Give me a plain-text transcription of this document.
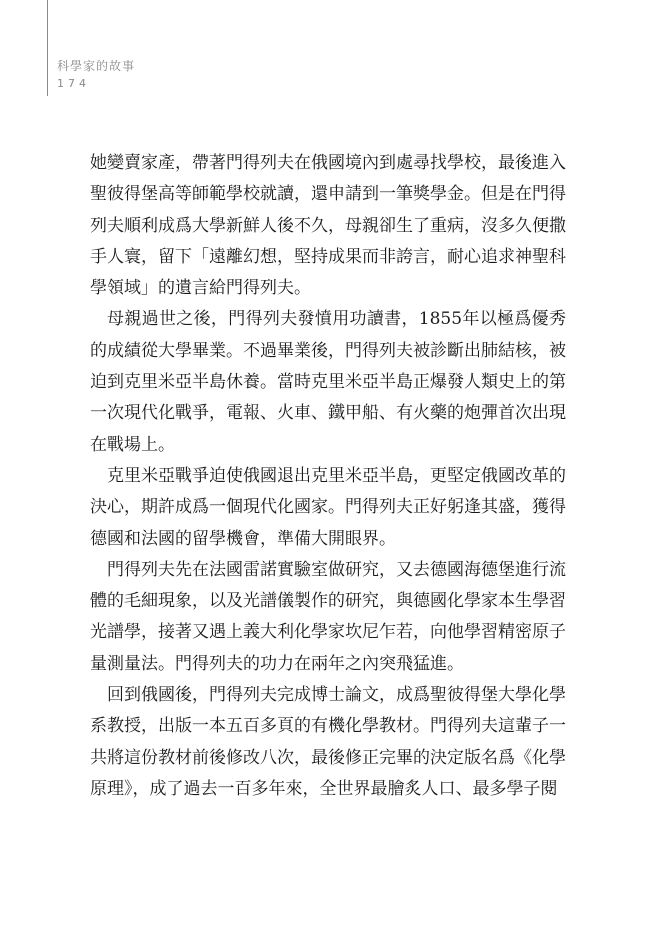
科學家的故事
174

她變賣家產，帶著門得列夫在俄國境內到處尋找學校，最後進入聖彼得堡高等師範學校就讀，還申請到一筆獎學金。但是在門得列夫順利成爲大學新鮮人後不久，母親卻生了重病，沒多久便撒手人寰，留下「遠離幻想，堅持成果而非誇言，耐心追求神聖科學領域」的遺言給門得列夫。

母親過世之後，門得列夫發憤用功讀書，1855年以極爲優秀的成績從大學畢業。不過畢業後，門得列夫被診斷出肺結核，被迫到克里米亞半島休養。當時克里米亞半島正爆發人類史上的第一次現代化戰爭，電報、火車、鐵甲船、有火藥的炮彈首次出現在戰場上。

克里米亞戰爭迫使俄國退出克里米亞半島，更堅定俄國改革的決心，期許成爲一個現代化國家。門得列夫正好躬逢其盛，獲得德國和法國的留學機會，準備大開眼界。

門得列夫先在法國雷諾實驗室做研究，又去德國海德堡進行流體的毛細現象，以及光譜儀製作的研究，與德國化學家本生學習光譜學，接著又遇上義大利化學家坎尼乍若，向他學習精密原子量測量法。門得列夫的功力在兩年之內突飛猛進。

回到俄國後，門得列夫完成博士論文，成爲聖彼得堡大學化學系教授，出版一本五百多頁的有機化學教材。門得列夫這輩子一共將這份教材前後修改八次，最後修正完畢的決定版名爲《化學原理》，成了過去一百多年來，全世界最膾炙人口、最多學子閱
